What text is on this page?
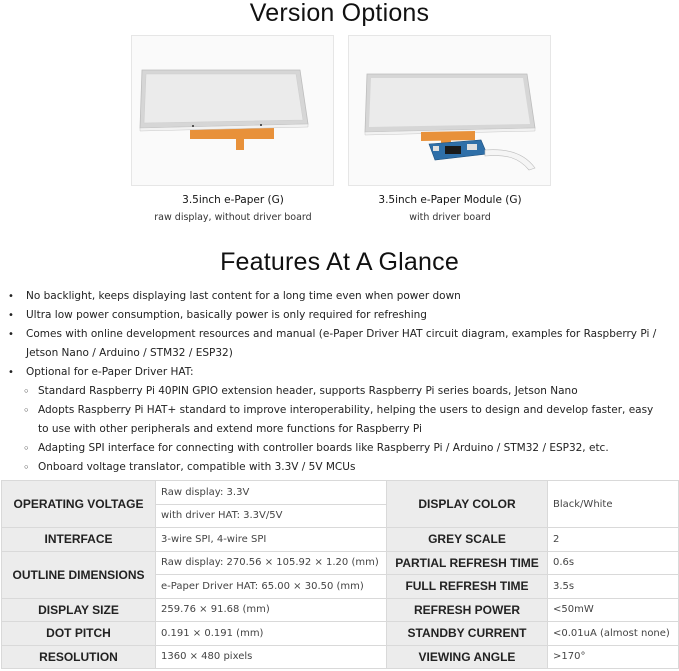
Version Options
3.5inch e-Paper (G)
raw display, without driver board
3.5inch e-Paper Module (G)
with driver board
Features At A Glance
• No backlight, keeps displaying last content for a long time even when power down
• Ultra low power consumption, basically power is only required for refreshing
• Comes with online development resources and manual (e-Paper Driver HAT circuit diagram, examples for Raspberry Pi /
Jetson Nano / Arduino / STM32 / ESP32)
• Optional for e-Paper Driver HAT:
◦ Standard Raspberry Pi 40PIN GPIO extension header, supports Raspberry Pi series boards, Jetson Nano
◦ Adopts Raspberry Pi HAT+ standard to improve interoperability, helping the users to design and develop faster, easy
to use with other peripherals and extend more functions for Raspberry Pi
◦ Adapting SPI interface for connecting with controller boards like Raspberry Pi / Arduino / STM32 / ESP32, etc.
◦ Onboard voltage translator, compatible with 3.3V / 5V MCUs
OPERATING VOLTAGE	Raw display: 3.3V	DISPLAY COLOR	Black/White
	with driver HAT: 3.3V/5V		
INTERFACE	3-wire SPI, 4-wire SPI	GREY SCALE	2
OUTLINE DIMENSIONS	Raw display: 270.56 × 105.92 × 1.20 (mm)	PARTIAL REFRESH TIME	0.6s
	e-Paper Driver HAT: 65.00 × 30.50 (mm)	FULL REFRESH TIME	3.5s
DISPLAY SIZE	259.76 × 91.68 (mm)	REFRESH POWER	<50mW
DOT PITCH	0.191 × 0.191 (mm)	STANDBY CURRENT	<0.01uA (almost none)
RESOLUTION	1360 × 480 pixels	VIEWING ANGLE	>170°
